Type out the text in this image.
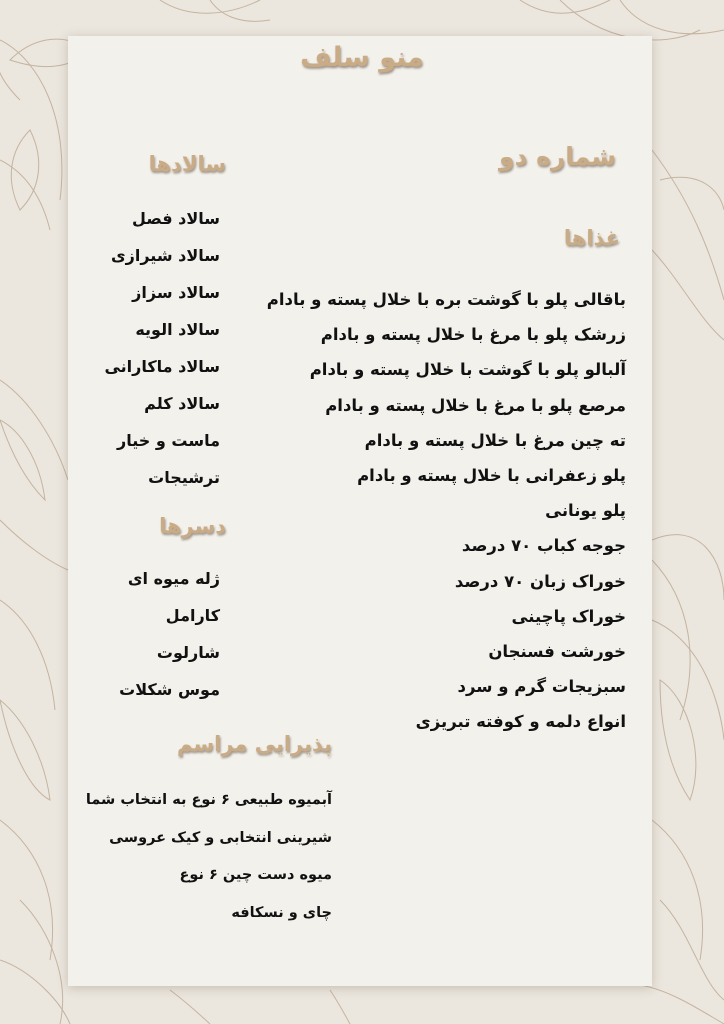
منو سلف
شماره دو
غذاها
باقالی پلو با گوشت بره با خلال پسته و بادام
زرشک پلو با مرغ با خلال پسته و بادام
آلبالو پلو با گوشت با خلال پسته و بادام
مرصع پلو با مرغ با خلال پسته و بادام
ته چین مرغ با خلال پسته و بادام
پلو زعفرانی با خلال پسته و بادام
پلو یونانی
جوجه کباب ۷۰ درصد
خوراک زبان ۷۰ درصد
خوراک پاچینی
خورشت فسنجان
سبزیجات گرم و سرد
انواع دلمه و کوفته تبریزی
سالادها
سالاد فصل
سالاد شیرازی
سالاد سزاز
سالاد الویه
سالاد ماکارانی
سالاد کلم
ماست و خیار
ترشیجات
دسرها
ژله میوه ای
کارامل
شارلوت
موس شکلات
پذیرایی مراسم
آبمیوه طبیعی ۶ نوع به انتخاب شما
شیرینی انتخابی و کیک عروسی
میوه دست چین ۶ نوع
چای و نسکافه
